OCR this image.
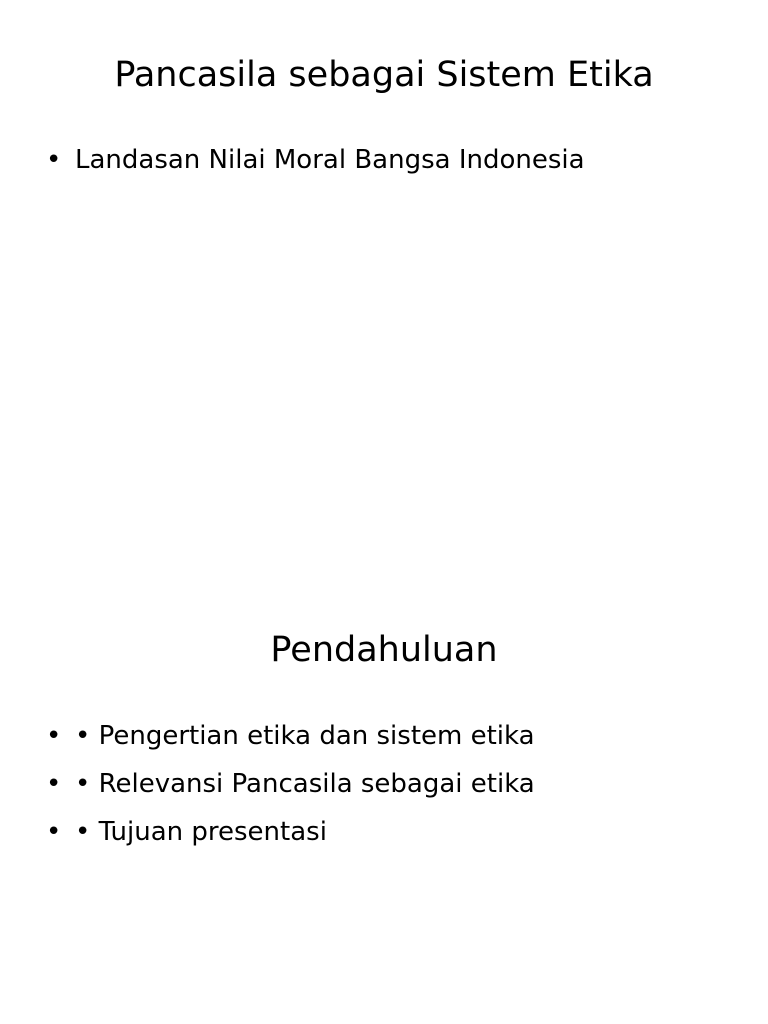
Pancasila sebagai Sistem Etika
• Landasan Nilai Moral Bangsa Indonesia
Pendahuluan
• • Pengertian etika dan sistem etika
• • Relevansi Pancasila sebagai etika
• • Tujuan presentasi
